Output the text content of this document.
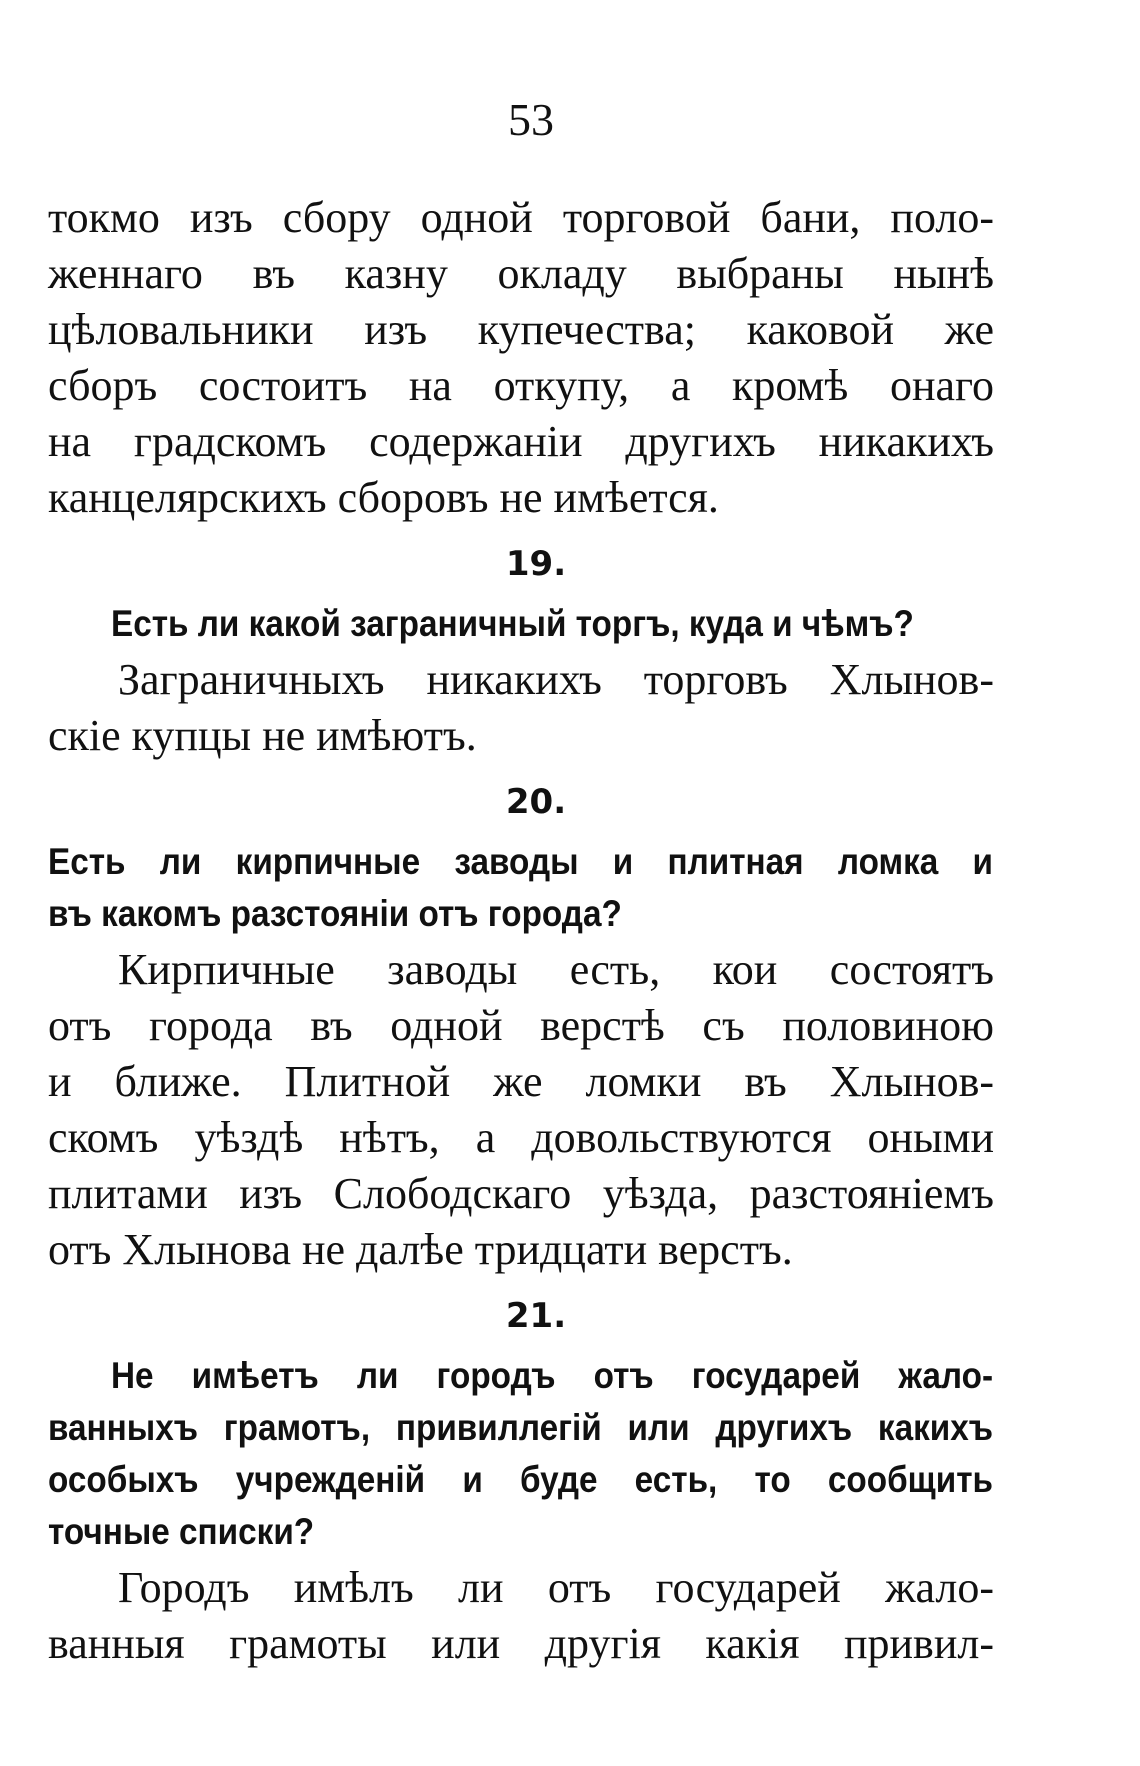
53
токмо изъ сбору одной торговой бани, поло-
женнаго въ казну окладу выбраны нынѣ
цѣловальники изъ купечества; каковой же
сборъ состоитъ на откупу, а кромѣ онаго
на градскомъ содержаніи другихъ никакихъ
канцелярскихъ сборовъ не имѣется.
19.
Есть ли какой заграничный торгъ, куда и чѣмъ?
Заграничныхъ никакихъ торговъ Хлынов-
скіе купцы не имѣютъ.
20.
Есть ли кирпичные заводы и плитная ломка и
въ какомъ разстояніи отъ города?
Кирпичные заводы есть, кои состоятъ
отъ города въ одной верстѣ съ половиною
и ближе. Плитной же ломки въ Хлынов-
скомъ уѣздѣ нѣтъ, а довольствуются оными
плитами изъ Слободскаго уѣзда, разстояніемъ
отъ Хлынова не далѣе тридцати верстъ.
21.
Не имѣетъ ли городъ отъ государей жало-
ванныхъ грамотъ, привиллегій или другихъ какихъ
особыхъ учрежденій и буде есть, то сообщить
точные списки?
Городъ имѣлъ ли отъ государей жало-
ванныя грамоты или другія какія привил-
